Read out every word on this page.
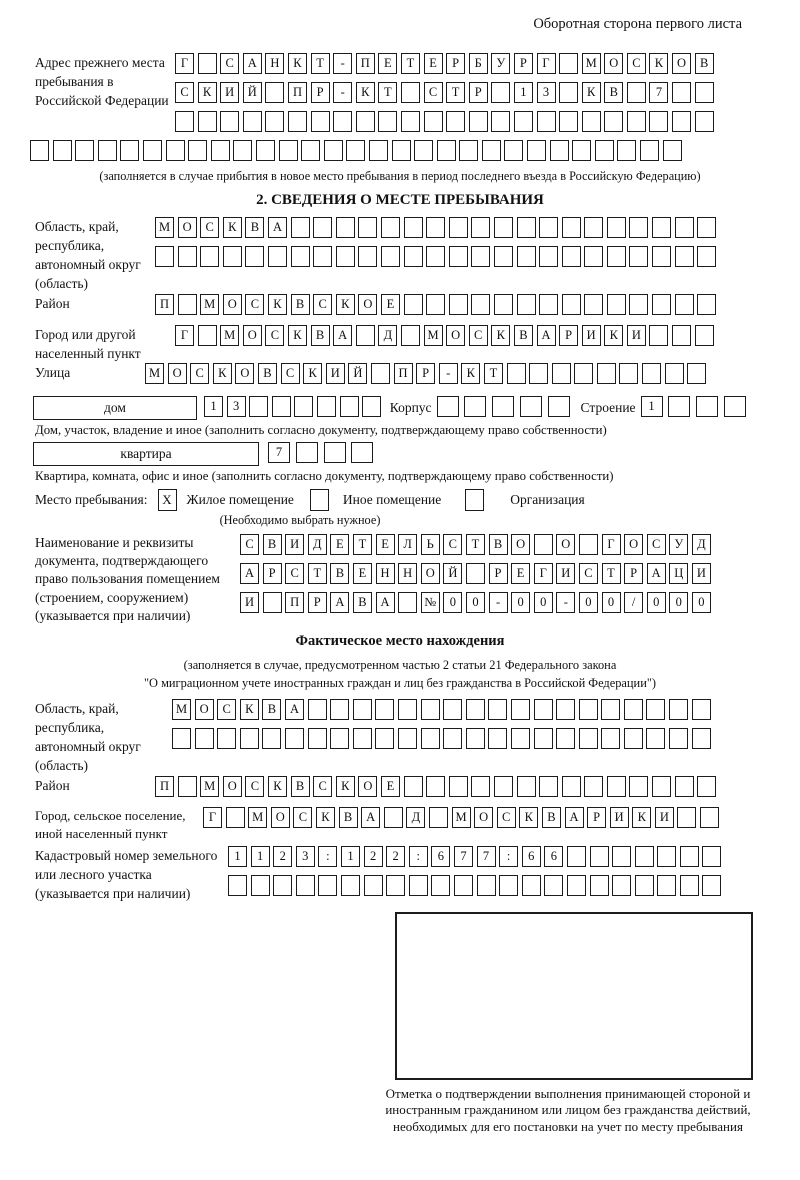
Оборотная сторона первого листа
Адрес прежнего места пребывания в Российской Федерации
Г	С А Н К Т - П Е Т Е Р Б У Р Г	М О С К О В
С К И Й	П Р - К Т	С Т Р	1 3	К В	7
(заполняется в случае прибытия в новое место пребывания в период последнего въезда в Российскую Федерацию)
2. СВЕДЕНИЯ О МЕСТЕ ПРЕБЫВАНИЯ
Область, край, республика, автономный округ (область)
М О С К В А
Район	П	М О С К В С К О Е
Город или другой населенный пункт
Г	М О С К В А	Д	М О С К В А Р И К И
Улица	М О С К О В С К И Й	П Р - К Т
дом	1 3	Корпус	Строение	1
Дом, участок, владение и иное (заполнить согласно документу, подтверждающему право собственности)
квартира	7
Квартира, комната, офис и иное (заполнить согласно документу, подтверждающему право собственности)
Место пребывания:	X	Жилое помещение	Иное помещение	Организация
(Необходимо выбрать нужное)
Наименование и реквизиты документа, подтверждающего право пользования помещением (строением, сооружением) (указывается при наличии)
С В И Д Е Т Е Л Ь С Т В О	О	Г О С У Д
А Р С Т В Е Н Н О Й	Р Е Г И С Т Р А Ц И
И	П Р А В А	№ 0 0 - 0 0 - 0 0 / 0 0 0
Фактическое место нахождения
(заполняется в случае, предусмотренном частью 2 статьи 21 Федерального закона
"О миграционном учете иностранных граждан и лиц без гражданства в Российской Федерации")
Область, край, республика, автономный округ (область)
М О С К В А
Район	П	М О С К В С К О Е
Город, сельское поселение, иной населенный пункт
Г	М О С К В А	Д	М О С К В А Р И К И
Кадастровый номер земельного или лесного участка (указывается при наличии)
1 1 2 3 : 1 2 2 : 6 7 7 : 6 6
Отметка о подтверждении выполнения принимающей стороной и иностранным гражданином или лицом без гражданства действий, необходимых для его постановки на учет по месту пребывания
